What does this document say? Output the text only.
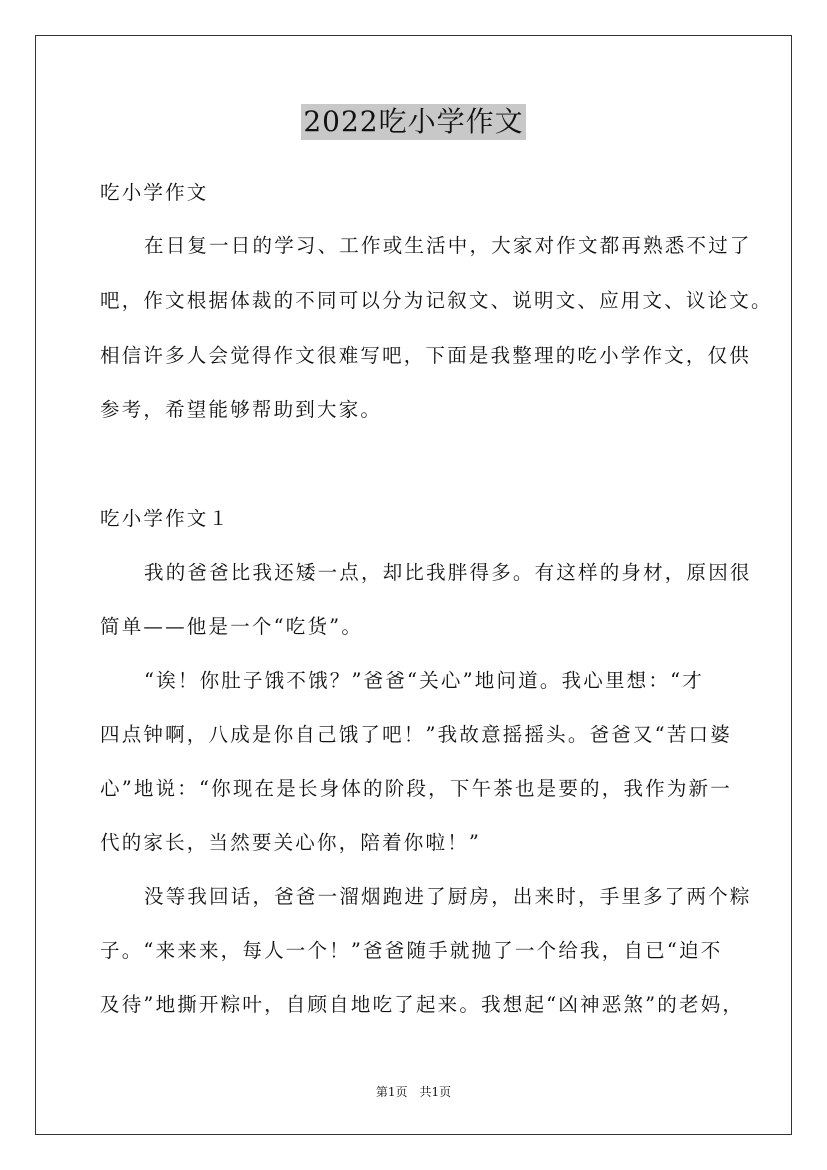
2022吃小学作文
吃小学作文
在日复一日的学习、工作或生活中，大家对作文都再熟悉不过了
吧，作文根据体裁的不同可以分为记叙文、说明文、应用文、议论文。
相信许多人会觉得作文很难写吧，下面是我整理的吃小学作文，仅供
参考，希望能够帮助到大家。
吃小学作文１
我的爸爸比我还矮一点，却比我胖得多。有这样的身材，原因很
简单——他是一个“吃货”。
“诶！你肚子饿不饿？”爸爸“关心”地问道。我心里想：“才
四点钟啊，八成是你自己饿了吧！”我故意摇摇头。爸爸又“苦口婆
心”地说：“你现在是长身体的阶段，下午茶也是要的，我作为新一
代的家长，当然要关心你，陪着你啦！”
没等我回话，爸爸一溜烟跑进了厨房，出来时，手里多了两个粽
子。“来来来，每人一个！”爸爸随手就抛了一个给我，自已“迫不
及待”地撕开粽叶，自顾自地吃了起来。我想起“凶神恶煞”的老妈，
第1页　共1页
